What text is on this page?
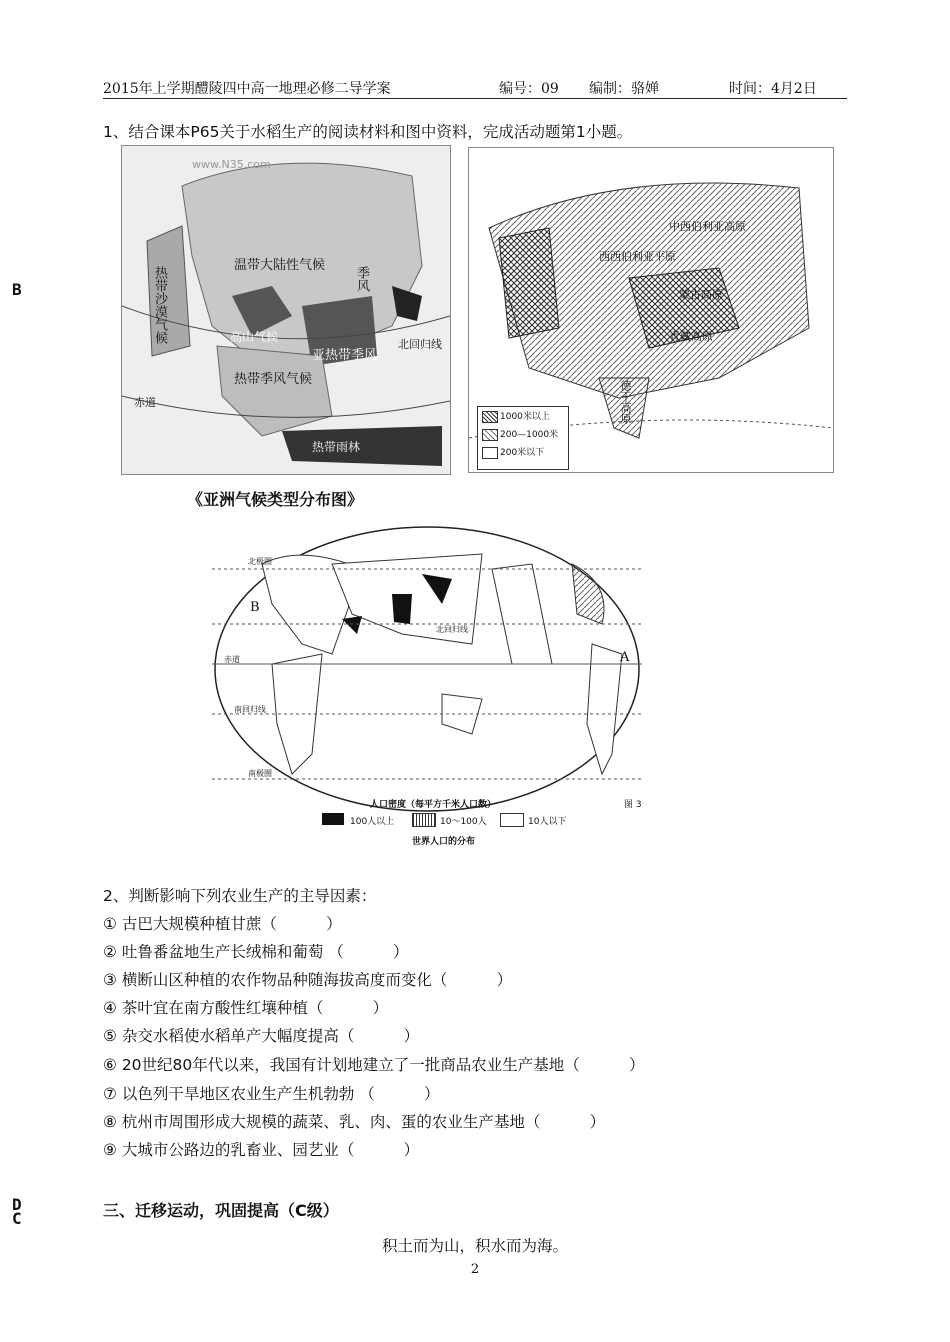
2015年上学期醴陵四中高一地理必修二导学案	编号：09 编制：骆婵	时间：4月2日
B
1、结合课本P65关于水稻生产的阅读材料和图中资料，完成活动题第1小题。
www.N35.com
温带大陆性气候
热带沙漠气候	高山气候
亚热带季风
季风
热带季风气候
热带雨林
北回归线
赤道
西西伯利亚平原
中西伯利亚高原
蒙古高原
青藏高原
德干高原
1000米以上
200—1000米
200米以下
《亚洲气候类型分布图》
B
A
北极圈
北回归线
赤道
南回归线
南极圈
人口密度（每平方千米人口数）	图 3
100人以上	10～100人	10人以下
世界人口的分布
2、判断影响下列农业生产的主导因素：
① 古巴大规模种植甘蔗（          ）
② 吐鲁番盆地生产长绒棉和葡萄 （          ）
③ 横断山区种植的农作物品种随海拔高度而变化（          ）
④ 茶叶宜在南方酸性红壤种植（          ）
⑤ 杂交水稻使水稻单产大幅度提高（          ）
⑥ 20世纪80年代以来，我国有计划地建立了一批商品农业生产基地（          ）
⑦ 以色列干旱地区农业生产生机勃勃 （          ）
⑧ 杭州市周围形成大规模的蔬菜、乳、肉、蛋的农业生产基地（          ）
⑨ 大城市公路边的乳畜业、园艺业（          ）
D
C	三、迁移运动，巩固提高（C级）
积土而为山，积水而为海。
2
